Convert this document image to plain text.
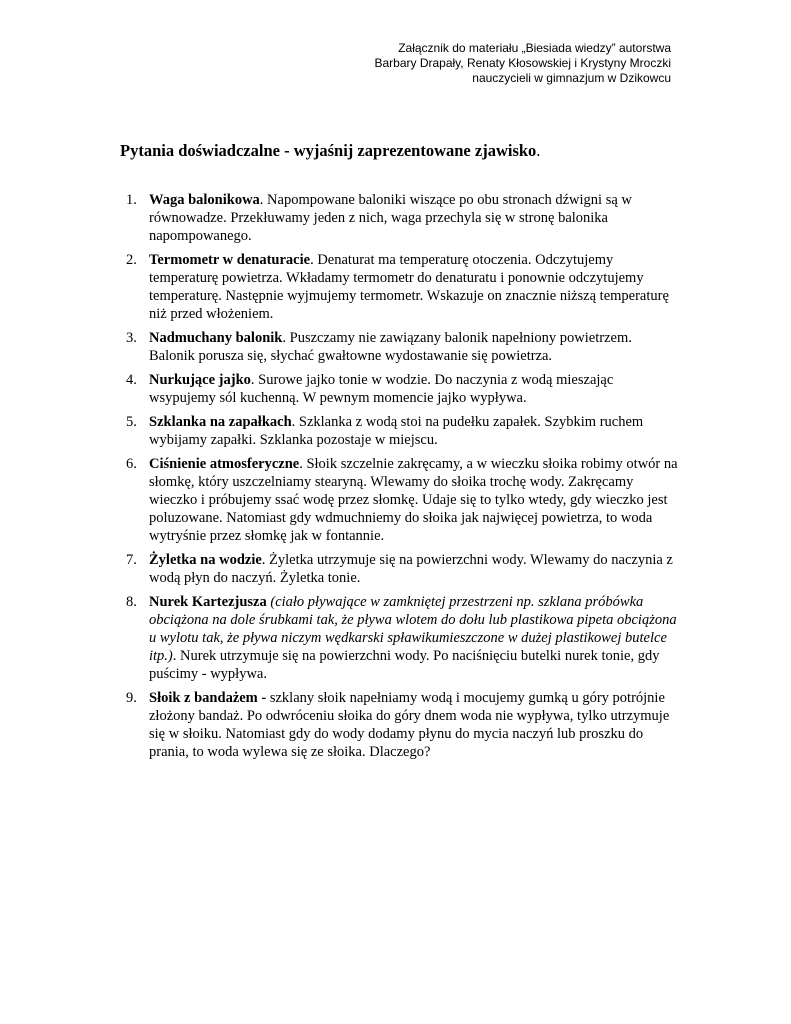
Załącznik do materiału „Biesiada wiedzy” autorstwa
Barbary Drapały, Renaty Kłosowskiej i Krystyny Mroczki
nauczycieli w gimnazjum w Dzikowcu
Pytania doświadczalne - wyjaśnij zaprezentowane zjawisko.
1. Waga balonikowa. Napompowane baloniki wiszące po obu stronach dźwigni są w równowadze. Przekłuwamy jeden z nich, waga przechyla się w stronę balonika napompowanego.
2. Termometr w denaturacie. Denaturat ma temperaturę otoczenia. Odczytujemy temperaturę powietrza. Wkładamy termometr do denaturatu i ponownie odczytujemy temperaturę. Następnie wyjmujemy termometr. Wskazuje on znacznie niższą temperaturę niż przed włożeniem.
3. Nadmuchany balonik. Puszczamy nie zawiązany balonik napełniony powietrzem. Balonik porusza się, słychać gwałtowne wydostawanie się powietrza.
4. Nurkujące jajko. Surowe jajko tonie w wodzie. Do naczynia z wodą mieszając wsypujemy sól kuchenną. W pewnym momencie jajko wypływa.
5. Szklanka na zapałkach. Szklanka z wodą stoi na pudełku zapałek. Szybkim ruchem wybijamy zapałki. Szklanka pozostaje w miejscu.
6. Ciśnienie atmosferyczne. Słoik szczelnie zakręcamy, a w wieczku słoika robimy otwór na słomkę, który uszczelniamy stearyną. Wlewamy do słoika trochę wody. Zakręcamy wieczko i próbujemy ssać wodę przez słomkę. Udaje się to tylko wtedy, gdy wieczko jest poluzowane. Natomiast gdy wdmuchniemy do słoika jak najwięcej powietrza, to woda wytryśnie przez słomkę jak w fontannie.
7. Żyletka na wodzie. Żyletka utrzymuje się na powierzchni wody. Wlewamy do naczynia z wodą płyn do naczyń. Żyletka tonie.
8. Nurek Kartezjusza (ciało pływające w zamkniętej przestrzeni np. szklana próbówka obciążona na dole śrubkami tak, że pływa wlotem do dołu lub plastikowa pipeta obciążona u wylotu tak, że pływa niczym wędkarski spławikumieszczone w dużej plastikowej butelce itp.). Nurek utrzymuje się na powierzchni wody. Po naciśnięciu butelki nurek tonie, gdy puścimy - wypływa.
9. Słoik z bandażem - szklany słoik napełniamy wodą i mocujemy gumką u góry potrójnie złożony bandaż. Po odwróceniu słoika do góry dnem woda nie wypływa, tylko utrzymuje się w słoiku. Natomiast gdy do wody dodamy płynu do mycia naczyń lub proszku do prania, to woda wylewa się ze słoika. Dlaczego?
